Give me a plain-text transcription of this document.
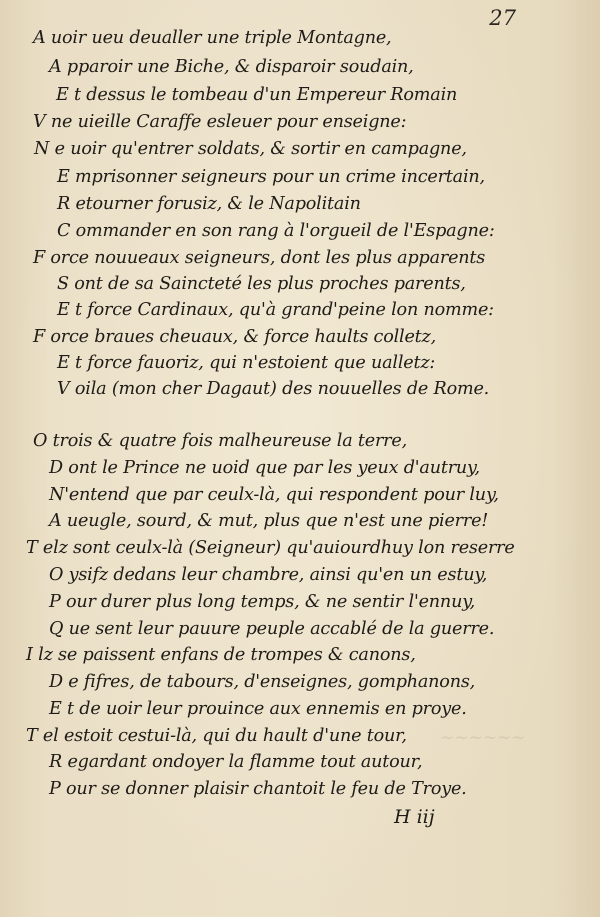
27
A uoir ueu deualler une triple Montagne,
A pparoir une Biche, & disparoir soudain,
E t dessus le tombeau d'un Empereur Romain
V ne uieille Caraffe esleuer pour enseigne:
N e uoir qu'entrer soldats, & sortir en campagne,
E mprisonner seigneurs pour un crime incertain,
R etourner forusiz, & le Napolitain
C ommander en son rang à l'orgueil de l'Espagne:
F orce nouueaux seigneurs, dont les plus apparents
S ont de sa Saincteté les plus proches parents,
E t force Cardinaux, qu'à grand'peine lon nomme:
F orce braues cheuaux, & force haults colletz,
E t force fauoriz, qui n'estoient que ualletz:
V oila (mon cher Dagaut) des nouuelles de Rome.
O trois & quatre fois malheureuse la terre,
D ont le Prince ne uoid que par les yeux d'autruy,
N'entend que par ceulx-là, qui respondent pour luy,
A ueugle, sourd, & mut, plus que n'est une pierre!
T elz sont ceulx-là (Seigneur) qu'auiourdhuy lon reserre
O ysifz dedans leur chambre, ainsi qu'en un estuy,
P our durer plus long temps, & ne sentir l'ennuy,
Q ue sent leur pauure peuple accablé de la guerre.
I lz se paissent enfans de trompes & canons,
D e fifres, de tabours, d'enseignes, gomphanons,
E t de uoir leur prouince aux ennemis en proye.
T el estoit cestui-là, qui du hault d'une tour,
R egardant ondoyer la flamme tout autour,
P our se donner plaisir chantoit le feu de Troye.
H iij
~~~~~~
